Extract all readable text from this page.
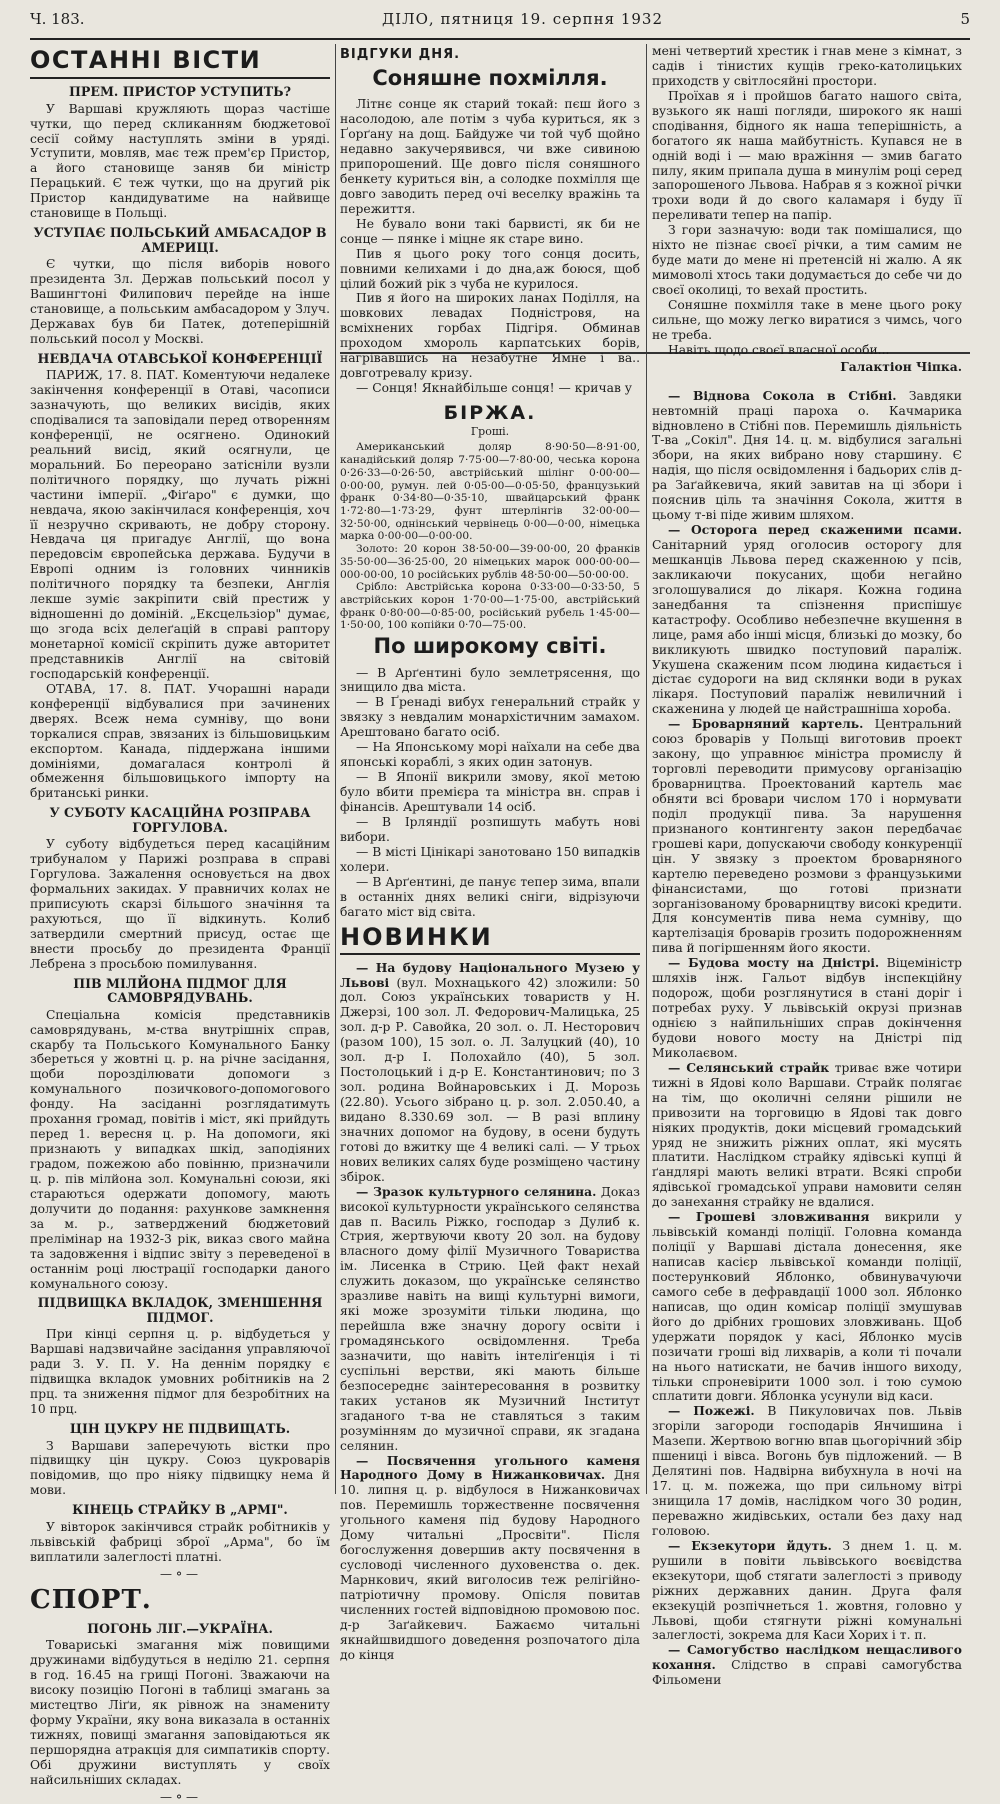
Ч. 183.	ДІЛО, пятниця 19. серпня 1932	5
ОСТАННІ ВІСТИ
ПРЕМ. ПРИСТОР УСТУПИТЬ?

У Варшаві кружляють щораз частіше чутки, що перед скликанням бюджетової сесії сойму наступлять зміни в уряді. Уступити, мовляв, має теж прем'єр Пристор, а його становище заняв би міністр Перацький. Є теж чутки, що на другий рік Пристор кандидуватиме на найвище становище в Польщі.

УСТУПАЄ ПОЛЬСЬКИЙ АМБАСАДОР В АМЕРИЦІ.

Є чутки, що після виборів нового президента Зл. Держав польський посол у Вашингтоні Филипович перейде на інше становище, а польським амбасадором у Злуч. Державах був би Патек, дотеперішній польський посол у Москві.

НЕВДАЧА ОТАВСЬКОЇ КОНФЕРЕНЦІЇ

ПАРИЖ, 17. 8. ПАТ. Коментуючи недалеке закінчення конференції в Отаві, часописи зазначують, що великих висідів, яких сподівалися та заповідали перед отворенням конференції, не осягнено. Одинокий реальний висід, який осягнули, це моральний. Бо переорано затісніли вузли політичного порядку, що лучать ріжні частини імперії. „Фіґаро" є думки, що невдача, якою закінчилася конференція, хоч її незручно скривають, не добру сторону. Невдача ця пригадує Англії, що вона передовсім європейська держава. Будучи в Европі одним із головних чинників політичного порядку та безпеки, Англія лекше зуміє закріпити свій престиж у відношенні до доміній. „Ексцельзіор" думає, що згода всіх делеґацій в справі раптору монетарної комісії скріпить дуже авторитет представників Англії на світовій господарській конференції.

ОТАВА, 17. 8. ПАТ. Учорашні наради конференції відбувалися при зачинених дверях. Всеж нема сумніву, що вони торкалися справ, звязаних із більшовицьким експортом. Канада, піддержана іншими домініями, домагалася контролі й обмеження більшовицького імпорту на британські ринки.

У СУБОТУ КАСАЦІЙНА РОЗПРАВА ГОРГУЛОВА.

У суботу відбудеться перед касаційним трибуналом у Парижі розправа в справі Горгулова. Зажалення основується на двох формальних закидах. У правничих колах не приписують скарзі більшого значіння та рахуються, що її відкинуть. Колиб затвердили смертний присуд, остає ще внести просьбу до президента Франції Лебрена з просьбою помилування.

ПІВ МІЛЙОНА ПІДМОГ ДЛЯ САМОВРЯДУВАНЬ.

Спеціальна комісія представників самоврядувань, м-ства внутрішніх справ, скарбу та Польського Комунального Банку збереться у жовтні ц. р. на річне засідання, щоби порозділювати допомоги з комунального позичкового-допомогового фонду. На засіданні розглядатимуть прохання громад, повітів і міст, які прийдуть перед 1. вересня ц. р. На допомоги, які признають у випадках шкід, заподіяних градом, пожежою або повінню, призначили ц. р. пів мілйона зол. Комунальні союзи, які стараються одержати допомогу, мають долучити до подання: рахункове замкнення за м. р., затверджений бюджетовий прелімінар на 1932-3 рік, виказ свого майна та задовження і відпис звіту з переведеної в останнім році люстрації господарки даного комунального союзу.

ПІДВИЩКА ВКЛАДОК, ЗМЕНШЕННЯ ПІДМОГ.

При кінці серпня ц. р. відбудеться у Варшаві надзвичайне засідання управляючої ради З. У. П. У. На деннім порядку є підвищка вкладок умовних робітників на 2 прц. та зниження підмог для безробітних на 10 прц.

ЦІН ЦУКРУ НЕ ПІДВИЩАТЬ.

З Варшави заперечують вістки про підвищку цін цукру. Союз цукроварів повідомив, що про ніяку підвищку нема й мови.

КІНЕЦЬ СТРАЙКУ В „АРМІ".

У вівторок закінчився страйк робітників у львівській фабриці зброї „Арма", бо їм виплатили залеглості платні.

—⚬—
СПОРТ.
ПОГОНЬ ЛІГ.—УКРАЇНА.

Товариські змагання між повищими дружинами відбудуться в неділю 21. серпня в год. 16.45 на грищі Погоні. Зважаючи на високу позицію Погоні в таблиці змагань за мистецтво Ліґи, як рівнож на знамениту форму України, яку вона виказала в останніх тижнях, повищі змагання заповідаються як першорядна атракція для симпатиків спорту. Обі дружини виступлять у своїх найсильніших складах.

—⚬—
ВІДГУКИ ДНЯ.
Соняшне похмілля.

Літнє сонце як старий токай: пєш його з насолодою, але потім з чуба куриться, як з Ґорґану на дощ. Байдуже чи той чуб щойно недавно закучерявився, чи вже сивиною припорошений. Ще довго після соняшного бенкету куриться він, а солодке похмілля ще довго заводить перед очі веселку вражінь та пережиття.

Не бувало вони такі барвисті, як би не сонце — пянке і міцне як старе вино.

Пив я цього року того сонця досить, повними келихами і до дна,аж боюся, щоб цілий божий рік з чуба не курилося.

Пив я його на широких ланах Поділля, на шовкових левадах Подністровя, на всміхнених горбах Підгіря. Обминав проходом хмороль карпатських борів, нагрівавшись на незабутне Ямне і ва.. довготревалу кризу.

— Сонця! Якнайбільше сонця! — кричав у

БІРЖА.
Гроші.

Американський доляр 8·90·50—8·91·00, канадійський доляр 7·75·00—7·80·00, чеська корона 0·26·33—0·26·50, австрійський шілінг 0·00·00—0·00·00, румун. лей 0·05·00—0·05·50, французький франк 0·34·80—0·35·10, швайцарський франк 1·72·80—1·73·29, фунт штерлінгів 32·00·00—32·50·00, однінський червінець 0·00—0·00, німецька марка 0·00·00—0·00·00.

Золото: 20 корон 38·50·00—39·00·00, 20 франків 35·50·00—36·25·00, 20 німецьких марок 000·00·00—000·00·00, 10 російських рублів 48·50·00—50·00·00.

Срібло: Австрійська корона 0·33·00—0·33·50, 5 австрійських корон 1·70·00—1·75·00, австрійський франк 0·80·00—0·85·00, російський рубель 1·45·00—1·50·00, 100 копійки 0·70—75·00.

По широкому світі.

— В Арґентині було землетрясення, що знищило два міста.

— В Ґренаді вибух генеральний страйк у звязку з невдалим монархістичним замахом. Арештовано багато осіб.

— На Японському морі наїхали на себе два японські кораблі, з яких один затонув.

— В Японії викрили змову, якої метою було вбити премієра та міністра вн. справ і фінансів. Арештували 14 осіб.

— В Ірляндії розпишуть мабуть нові вибори.

— В місті Цінікарі занотовано 150 випадків холери.

— В Арґентині, де панує тепер зима, впали в останніх днях великі сніги, відрізуючи багато міст від світа.

НОВИНКИ

— На будову Національного Музею у Львові (вул. Мохнацького 42) зложили: 50 дол. Союз українських товариств у Н. Джерзі, 100 зол. Л. Федорович-Малицька, 25 зол. д-р Р. Савойка, 20 зол. о. Л. Несторович (разом 100), 15 зол. о. Л. Залуцкий (40), 10 зол. д-р І. Полохайло (40), 5 зол. Постолоцький і д-р Е. Константинович; по 3 зол. родина Войнаровських і Д. Морозь (22.80). Усього зібрано ц. р. зол. 2.050.40, а видано 8.330.69 зол. — В разі вплину значних допомог на будову, в осени будуть готові до вжитку ще 4 великі салі. — У трьох нових великих салях буде розміщено частину збірок.

— Зразок культурного селянина. Доказ високої культурности українського селянства дав п. Василь Ріжко, господар з Дулиб к. Стрия, жертвуючи квоту 20 зол. на будову власного дому філії Музичного Товариства ім. Лисенка в Стрию. Цей факт нехай служить доказом, що українське селянство зразливе навіть на вищі культурні вимоги, які може зрозуміти тільки людина, що перейшла вже значну дорогу освіти і громадянського освідомлення. Треба зазначити, що навіть інтеліґенція і ті суспільні верстви, які мають більше безпосереднє заінтересовання в розвитку таких установ як Музичний Інститут згаданого т-ва не ставляться з таким розумінням до музичної справи, як згадана селянин.

— Посвячення угольного каменя Народного Дому в Нижанковичах. Дня 10. липня ц. р. відбулося в Нижанковичах пов. Перемишль торжественне посвячення угольного каменя під будову Народного Дому читальні „Просвіти". Після богослуження довершив акту посвячення в сусловоді численного духовенства о. дек. Марнкович, який виголосив теж релігійно-патріотичну промову. Опісля повитав численних гостей відповідною промовою пос. д-р Заґайкевич. Бажаємо читальні якнайшвидшого доведення розпочатого діла до кінця

мені четвертий хрестик і гнав мене з кімнат, з садів і тінистих кущів греко-католицьких приходств у світлосяйні простори.

Проїхав я і пройшов багато нашого світа, вузького як наші погляди, широкого як наші сподівання, бідного як наша теперішність, а богатого як наша майбутність. Купався не в одній воді і — маю вражіння — змив багато пилу, яким припала душа в минулім році серед запорошеного Львова. Набрав я з кожної річки трохи води й до свого каламаря і буду її переливати тепер на папір.

З гори зазначую: води так помішалися, що ніхто не пізнає своєї річки, а тим самим не буде мати до мене ні претенсій ні жалю. А як мимоволі хтось таки додумається до себе чи до своєї околиці, то вехай простить.

Соняшне похмілля таке в мене цього року сильне, що можу легко виратися з чимсь, чого не треба.

Навіть щодо своєї власної особи...

Галактіон Чіпка.

— Віднова Сокола в Стібні. Завдяки невтомній праці пароха о. Качмарика відновлено в Стібні пов. Перемишль діяльність Т-ва „Сокіл". Дня 14. ц. м. відбулися загальні збори, на яких вибрано нову старшину. Є надія, що після освідомлення і бадьорих слів д-ра Заґайкевича, який завитав на ці збори і пояснив ціль та значіння Сокола, життя в цьому т-ві піде живим шляхом.

— Осторога перед скаженими псами. Санітарний уряд оголосив осторогу для мешканців Львова перед скаженною у псів, закликаючи покусаних, щоби негайно зголошувалися до лікаря. Кожна година занедбання та спізнення приспішує катастрофу. Особливо небезпечне вкушення в лице, рамя або інші місця, близькі до мозку, бо викликують швидко поступовий параліж. Укушена скаженим псом людина кидається і дістає судороги на вид склянки води в руках лікаря. Поступовий параліж невиличний і скаженина у людей це найстрашніша хороба.

— Броварняний картель. Центральний союз броварів у Польщі виготовив проект закону, що управнює міністра промислу й торговлі переводити примусову організацію броварництва. Проектований картель має обняти всі бровари числом 170 і нормувати поділ продукції пива. За нарушення признаного контингенту закон передбачає грошеві кари, допускаючи свободу конкуренції цін. У звязку з проектом броварняного картелю переведено розмови з французькими фінансистами, що готові признати зорганізованому броварництву високі кредити. Для консументів пива нема сумніву, що картелізація броварів грозить подорожненням пива й погіршенням його якости.

— Будова мосту на Дністрі. Віцеміністр шляхів інж. Гальот відбув інспекційну подорож, щоби розглянутися в стані доріг і потребах руху. У львівській окрузі признав однією з найпильніших справ докінчення будови нового мосту на Дністрі під Миколаєвом.

— Селянський страйк триває вже чотири тижні в Ядові коло Варшави. Страйк полягає на тім, що околичні селяни рішили не привозити на торговицю в Ядові так довго ніяких продуктів, доки місцевий громадський уряд не знижить ріжних оплат, які мусять платити. Наслідком страйку ядівські купці й ґандлярі мають великі втрати. Всякі спроби ядівської громадської управи намовити селян до занехання страйку не вдалися.

— Грошеві зловживання викрили у львівській команді поліції. Головна команда поліції у Варшаві дістала донесення, яке написав касієр львівської команди поліції, постерунковий Яблонко, обвинувачуючи самого себе в дефравдації 1000 зол. Яблонко написав, що один комісар поліції змушував його до дрібних грошових зловживань. Щоб удержати порядок у касі, Яблонко мусів позичати гроші від лихварів, а коли ті почали на нього натискати, не бачив іншого виходу, тільки спроневірити 1000 зол. і тою сумою сплатити довги. Яблонка усунули від каси.

— Пожежі. В Пикуловичах пов. Львів згоріли загороди господарів Янчишина і Мазепи. Жертвою вогню впав цьогорічний збір пшениці і вівса. Вогонь був підложений. — В Делятині пов. Надвірна вибухнула в ночі на 17. ц. м. пожежа, що при сильному вітрі знищила 17 домів, наслідком чого 30 родин, переважно жидівських, остали без даху над головою.

— Екзекутори йдуть. З днем 1. ц. м. рушили в повіти львівського воєвідства екзекутори, щоб стягати залеглості з приводу ріжних державних данин. Друга фаля екзекуцій розпічнеться 1. жовтня, головно у Львові, щоби стягнути ріжні комунальні залеглості, зокрема для Каси Хорих і т. п.

— Самогубство наслідком нещасливого кохання. Слідство в справі самогубства Фільомени
